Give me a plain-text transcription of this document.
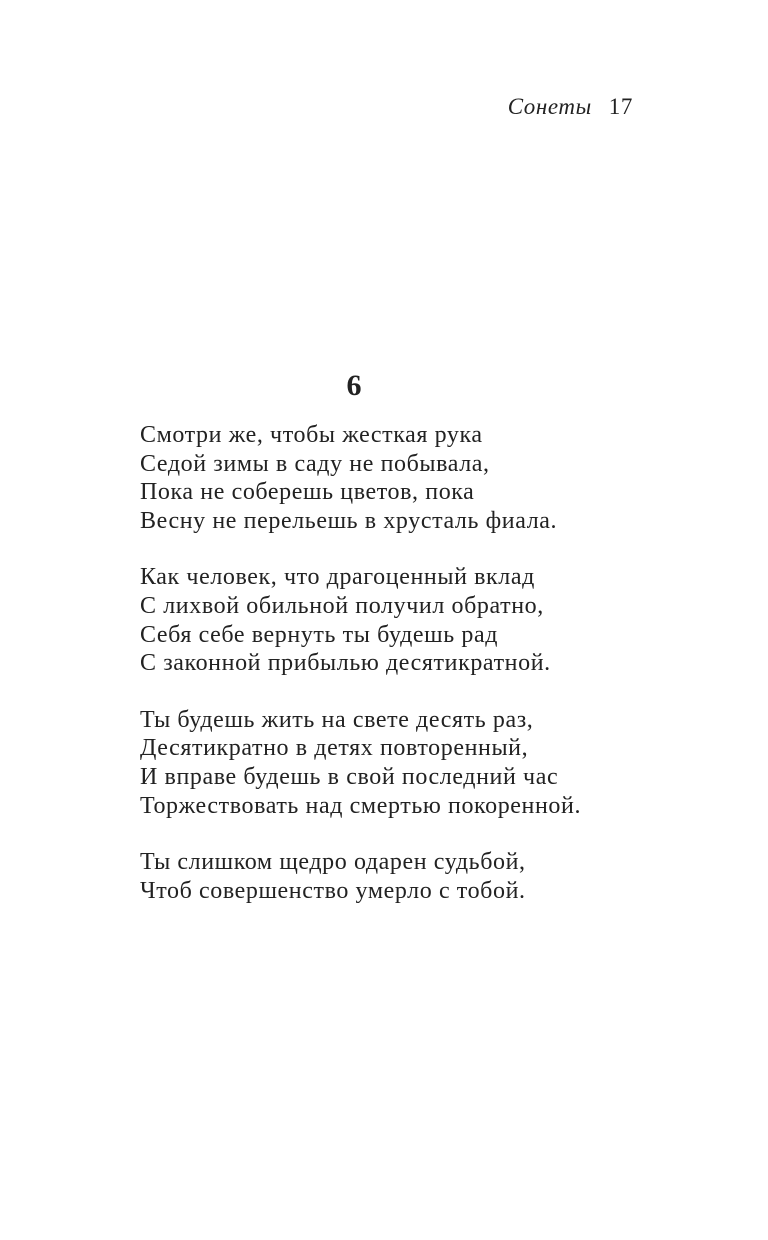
Сонеты 17
6
Смотри же, чтобы жесткая рука
Седой зимы в саду не побывала,
Пока не соберешь цветов, пока
Весну не перельешь в хрусталь фиала.
Как человек, что драгоценный вклад
С лихвой обильной получил обратно,
Себя себе вернуть ты будешь рад
С законной прибылью десятикратной.
Ты будешь жить на свете десять раз,
Десятикратно в детях повторенный,
И вправе будешь в свой последний час
Торжествовать над смертью покоренной.
Ты слишком щедро одарен судьбой,
Чтоб совершенство умерло с тобой.
